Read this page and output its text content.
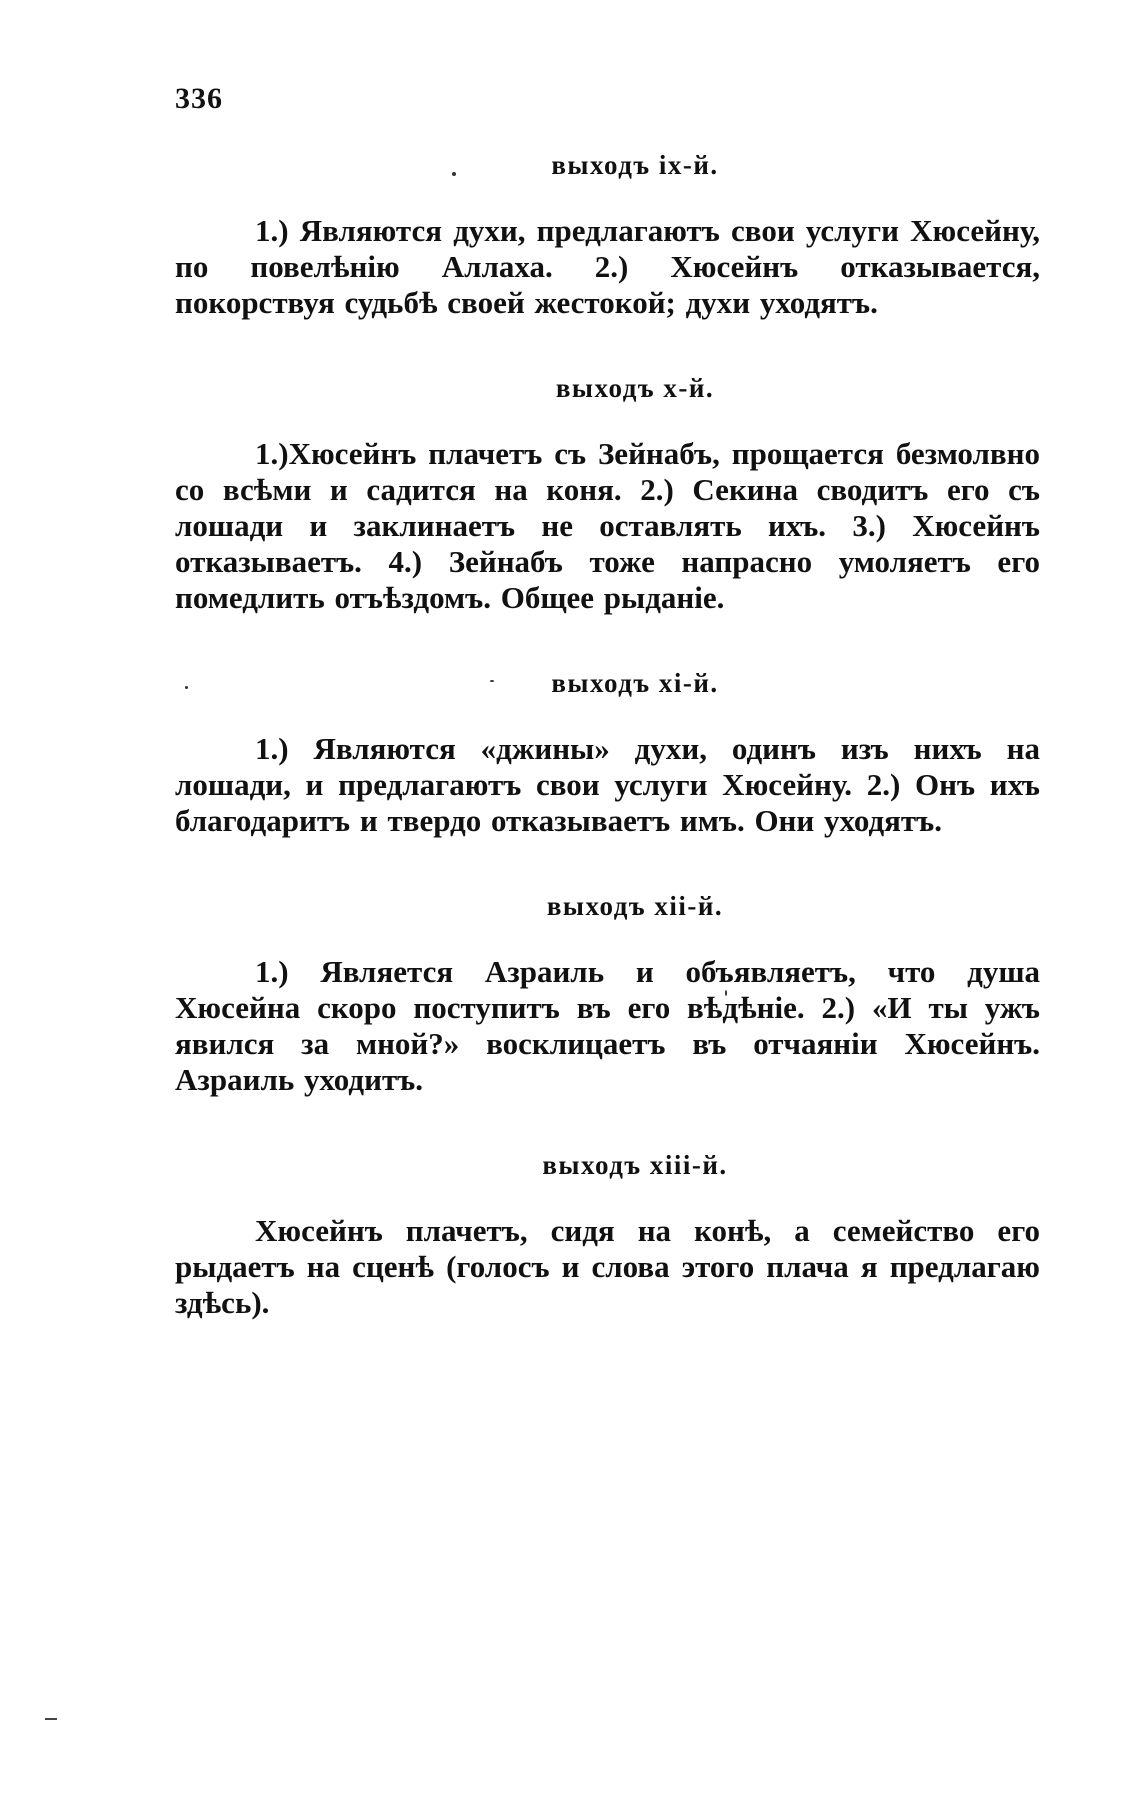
336
выходъ іх-й.

1.) Являются духи, предлагаютъ свои услуги Хюсейну, по повелѣнію Аллаха. 2.) Хюсейнъ отказывается, покорствуя судьбѣ своей жестокой; духи уходятъ.

выходъ х-й.

1.)Хюсейнъ плачетъ съ Зейнабъ, прощается безмолвно со всѣми и садится на коня. 2.) Секина сводитъ его съ лошади и заклинаетъ не оставлять ихъ. 3.) Хюсейнъ отказываетъ. 4.) Зейнабъ тоже напрасно умоляетъ его помедлить отъѣздомъ. Общее рыданіе.

выходъ хі-й.

1.) Являются «джины» духи, одинъ изъ нихъ на лошади, и предлагаютъ свои услуги Хюсейну. 2.) Онъ ихъ благодаритъ и твердо отказываетъ имъ. Они уходятъ.

выходъ хіі-й.

1.) Является Азраиль и объявляетъ, что душа Хюсейна скоро поступитъ въ его вѣдѣніе. 2.) «И ты ужъ явился за мной?» восклицаетъ въ отчаяніи Хюсейнъ. Азраиль уходитъ.

выходъ хііі-й.

Хюсейнъ плачетъ, сидя на конѣ, а семейство его рыдаетъ на сценѣ (голосъ и слова этого плача я предлагаю здѣсь).
